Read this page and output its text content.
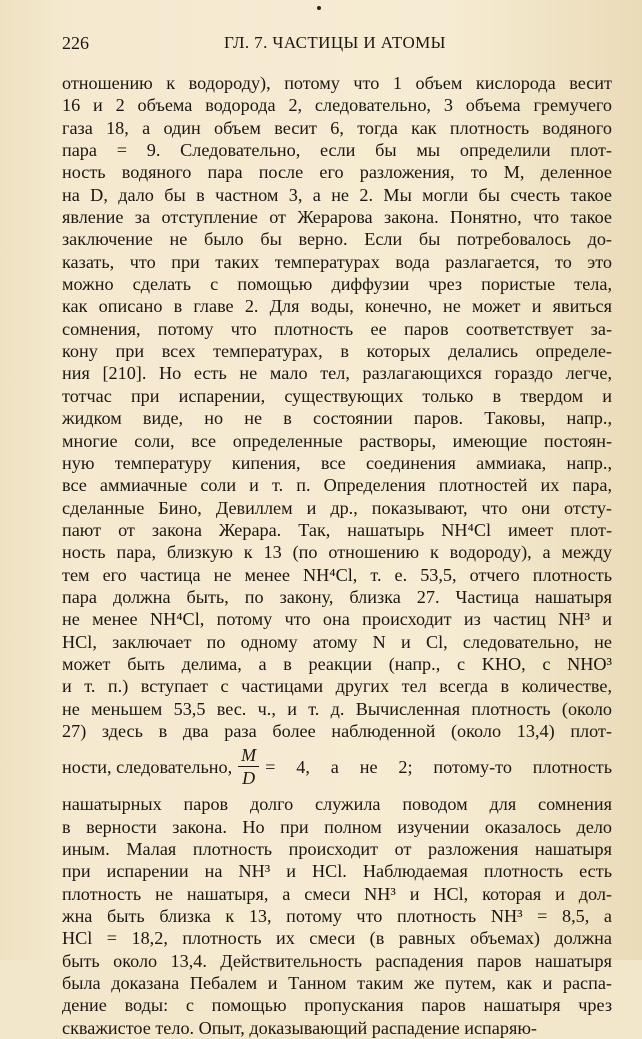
226	ГЛ. 7. ЧАСТИЦЫ И АТОМЫ
отношению к водороду), потому что 1 объем кислорода весит
16 и 2 объема водорода 2, следовательно, 3 объема гремучего
газа 18, а один объем весит 6, тогда как плотность водяного
пара = 9. Следовательно, если бы мы определили плот-
ность водяного пара после его разложения, то M, деленное
на D, дало бы в частном 3, а не 2. Мы могли бы счесть такое
явление за отступление от Жерарова закона. Понятно, что такое
заключение не было бы верно. Если бы потребовалось до-
казать, что при таких температурах вода разлагается, то это
можно сделать с помощью диффузии чрез пористые тела,
как описано в главе 2. Для воды, конечно, не может и явиться
сомнения, потому что плотность ее паров соответствует за-
кону при всех температурах, в которых делались определе-
ния [210]. Но есть не мало тел, разлагающихся гораздо легче,
тотчас при испарении, существующих только в твердом и
жидком виде, но не в состоянии паров. Таковы, напр.,
многие соли, все определенные растворы, имеющие постоян-
ную температуру кипения, все соединения аммиака, напр.,
все аммиачные соли и т. п. Определения плотностей их пара,
сделанные Бино, Девиллем и др., показывают, что они отсту-
пают от закона Жерара. Так, нашатырь NH⁴Cl имеет плот-
ность пара, близкую к 13 (по отношению к водороду), а между
тем его частица не менее NH⁴Cl, т. е. 53,5, отчего плотность
пара должна быть, по закону, близка 27. Частица нашатыря
не менее NH⁴Cl, потому что она происходит из частиц NH³ и
HCl, заключает по одному атому N и Cl, следовательно, не
может быть делима, а в реакции (напр., с KHO, с NHO³
и т. п.) вступает с частицами других тел всегда в количестве,
не меньшем 53,5 вес. ч., и т. д. Вычисленная плотность (около
27) здесь в два раза более наблюденной (около 13,4) плот-
ности, следовательно, $\frac{M}{D} = 4$, а не 2; потому-то плотность
нашатырных паров долго служила поводом для сомнения
в верности закона. Но при полном изучении оказалось дело
иным. Малая плотность происходит от разложения нашатыря
при испарении на NH³ и HCl. Наблюдаемая плотность есть
плотность не нашатыря, а смеси NH³ и HCl, которая и дол-
жна быть близка к 13, потому что плотность NH³ = 8,5, а
HCl = 18,2, плотность их смеси (в равных объемах) должна
быть около 13,4. Действительность распадения паров нашатыря
была доказана Пебалем и Танном таким же путем, как и распа-
дение воды: с помощью пропускания паров нашатыря чрез
скважистое тело. Опыт, доказывающий распадение испаряю-
